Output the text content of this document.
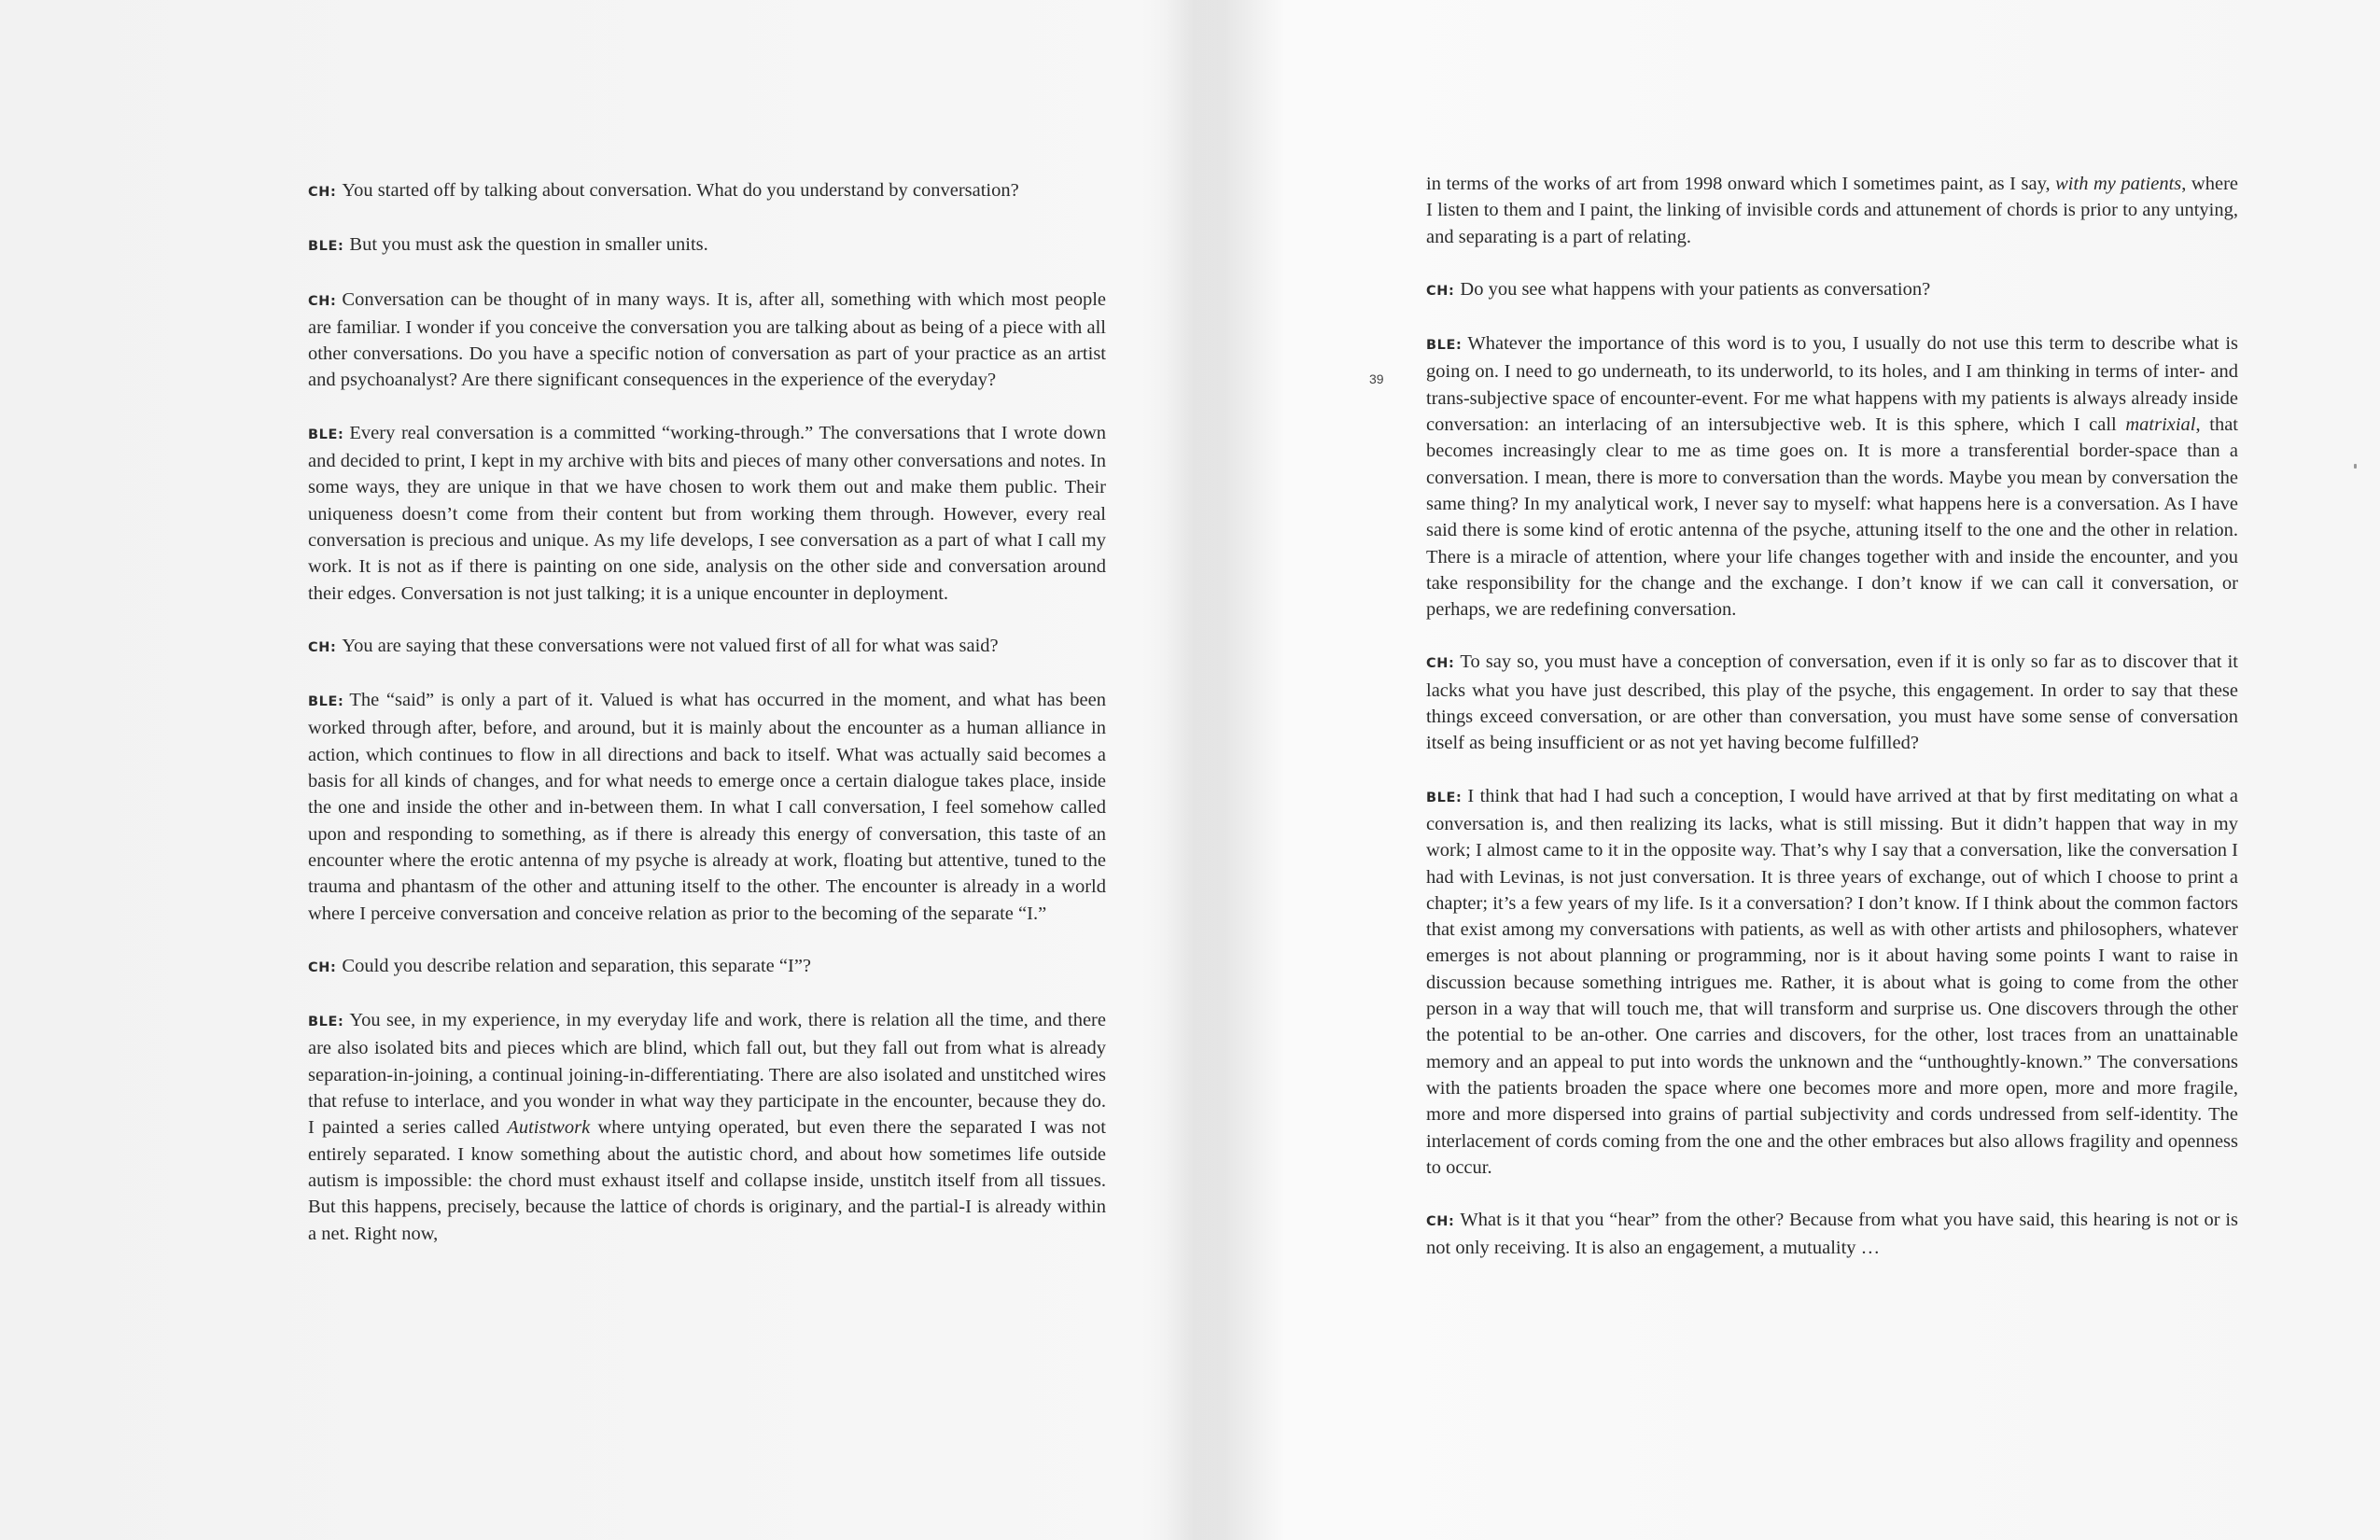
CH: You started off by talking about conversation. What do you understand by conversation?

BLE: But you must ask the question in smaller units.

CH: Conversation can be thought of in many ways. It is, after all, something with which most people are familiar. I wonder if you conceive the conversation you are talking about as being of a piece with all other conversations. Do you have a specific notion of conversation as part of your practice as an artist and psychoanalyst? Are there significant consequences in the experience of the everyday?

BLE: Every real conversation is a committed “working-through.” The conversations that I wrote down and decided to print, I kept in my archive with bits and pieces of many other conversations and notes. In some ways, they are unique in that we have chosen to work them out and make them public. Their uniqueness doesn’t come from their content but from working them through. However, every real conversation is precious and unique. As my life develops, I see conversation as a part of what I call my work. It is not as if there is painting on one side, analysis on the other side and conversation around their edges. Conversation is not just talking; it is a unique encounter in deployment.

CH: You are saying that these conversations were not valued first of all for what was said?

BLE: The “said” is only a part of it. Valued is what has occurred in the moment, and what has been worked through after, before, and around, but it is mainly about the encounter as a human alliance in action, which continues to flow in all directions and back to itself. What was actually said becomes a basis for all kinds of changes, and for what needs to emerge once a certain dialogue takes place, inside the one and inside the other and in-between them. In what I call conversation, I feel somehow called upon and responding to something, as if there is already this energy of conversation, this taste of an encounter where the erotic antenna of my psyche is already at work, floating but attentive, tuned to the trauma and phantasm of the other and attuning itself to the other. The encounter is already in a world where I perceive conversation and conceive relation as prior to the becoming of the separate “I.”

CH: Could you describe relation and separation, this separate “I”?

BLE: You see, in my experience, in my everyday life and work, there is relation all the time, and there are also isolated bits and pieces which are blind, which fall out, but they fall out from what is already separation-in-joining, a continual joining-in-differentiating. There are also isolated and unstitched wires that refuse to interlace, and you wonder in what way they participate in the encounter, because they do. I painted a series called Autistwork where untying operated, but even there the separated I was not entirely separated. I know something about the autistic chord, and about how sometimes life outside autism is impossible: the chord must exhaust itself and collapse inside, unstitch itself from all tissues. But this happens, precisely, because the lattice of chords is originary, and the partial-I is already within a net. Right now,

39

in terms of the works of art from 1998 onward which I sometimes paint, as I say, with my patients, where I listen to them and I paint, the linking of invisible cords and attunement of chords is prior to any untying, and separating is a part of relating.

CH: Do you see what happens with your patients as conversation?

BLE: Whatever the importance of this word is to you, I usually do not use this term to describe what is going on. I need to go underneath, to its underworld, to its holes, and I am thinking in terms of inter- and trans-subjective space of encounter-event. For me what happens with my patients is always already inside conversation: an interlacing of an intersubjective web. It is this sphere, which I call matrixial, that becomes increasingly clear to me as time goes on. It is more a transferential border-space than a conversation. I mean, there is more to conversation than the words. Maybe you mean by conversation the same thing? In my analytical work, I never say to myself: what happens here is a conversation. As I have said there is some kind of erotic antenna of the psyche, attuning itself to the one and the other in relation. There is a miracle of attention, where your life changes together with and inside the encounter, and you take responsibility for the change and the exchange. I don’t know if we can call it conversation, or perhaps, we are redefining conversation.

CH: To say so, you must have a conception of conversation, even if it is only so far as to discover that it lacks what you have just described, this play of the psyche, this engagement. In order to say that these things exceed conversation, or are other than conversation, you must have some sense of conversation itself as being insufficient or as not yet having become fulfilled?

BLE: I think that had I had such a conception, I would have arrived at that by first meditating on what a conversation is, and then realizing its lacks, what is still missing. But it didn’t happen that way in my work; I almost came to it in the opposite way. That’s why I say that a conversation, like the conversation I had with Levinas, is not just conversation. It is three years of exchange, out of which I choose to print a chapter; it’s a few years of my life. Is it a conversation? I don’t know. If I think about the common factors that exist among my conversations with patients, as well as with other artists and philosophers, whatever emerges is not about planning or programming, nor is it about having some points I want to raise in discussion because something intrigues me. Rather, it is about what is going to come from the other person in a way that will touch me, that will transform and surprise us. One discovers through the other the potential to be an-other. One carries and discovers, for the other, lost traces from an unattainable memory and an appeal to put into words the unknown and the “unthoughtly-known.” The conversations with the patients broaden the space where one becomes more and more open, more and more fragile, more and more dispersed into grains of partial subjectivity and cords undressed from self-identity. The interlacement of cords coming from the one and the other embraces but also allows fragility and openness to occur.

CH: What is it that you “hear” from the other? Because from what you have said, this hearing is not or is not only receiving. It is also an engagement, a mutuality …
